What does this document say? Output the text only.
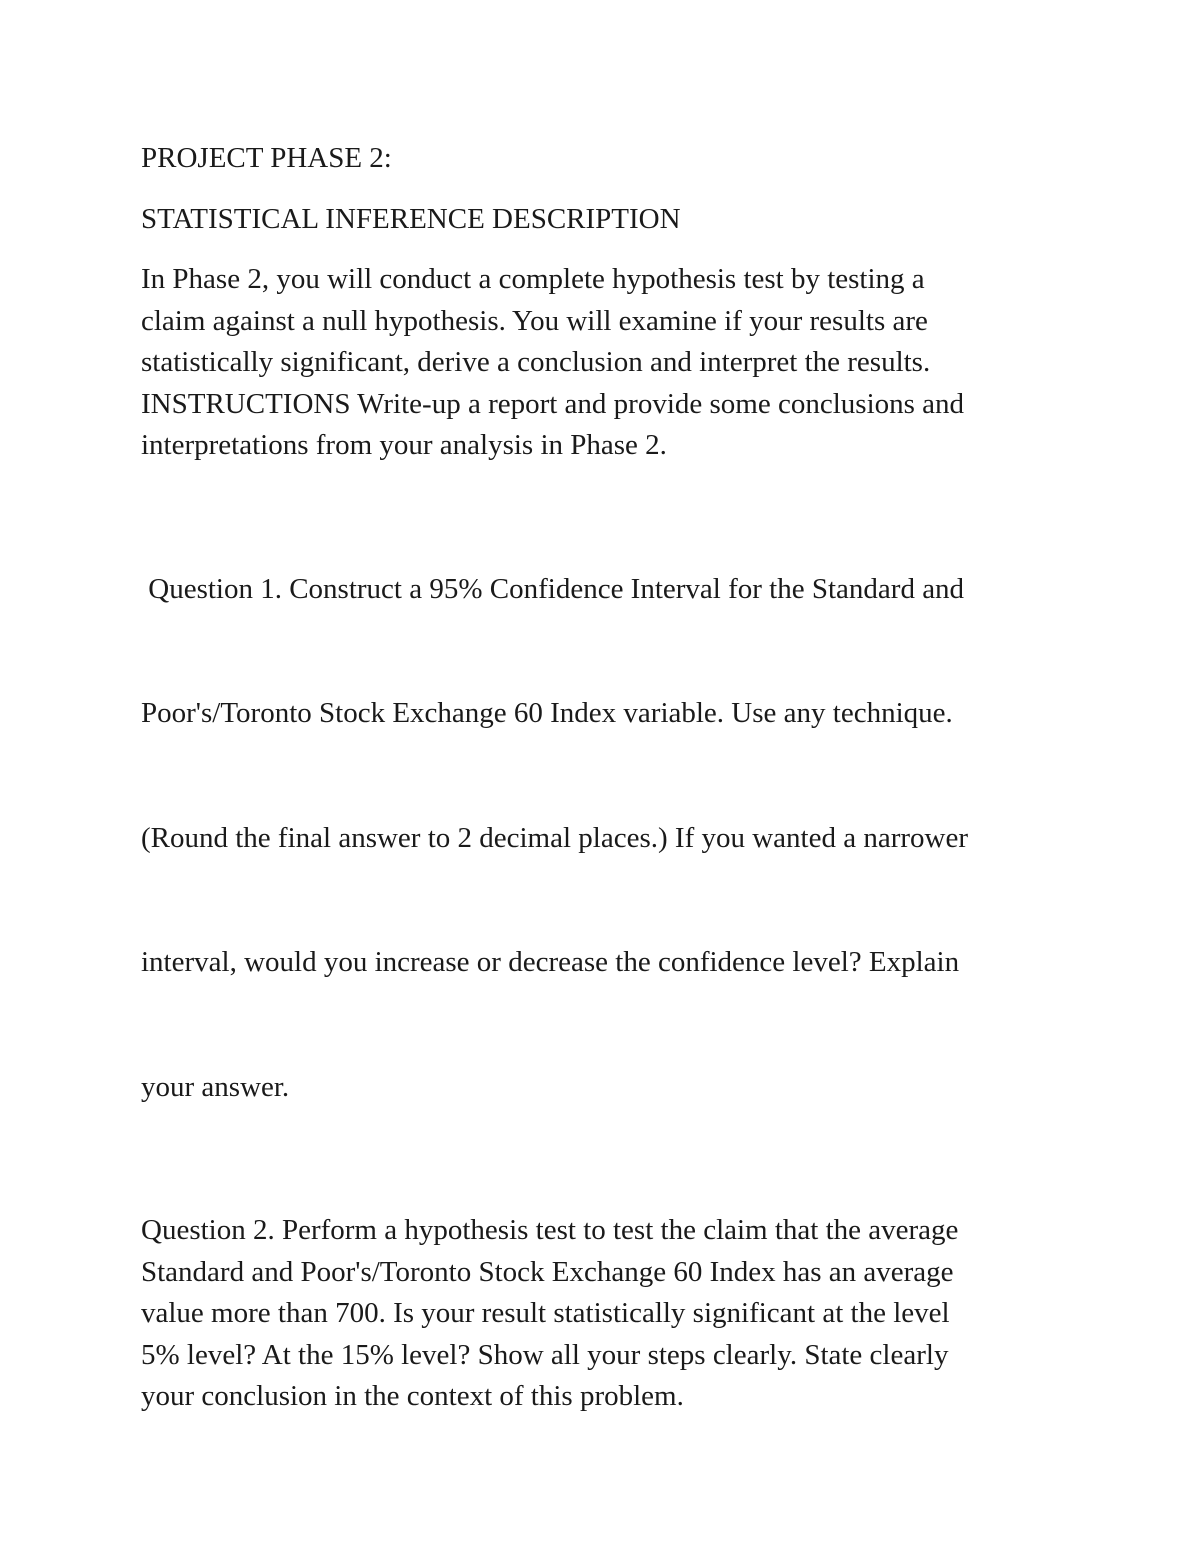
PROJECT PHASE 2:

STATISTICAL INFERENCE DESCRIPTION

In Phase 2, you will conduct a complete hypothesis test by testing a
claim against a null hypothesis. You will examine if your results are
statistically significant, derive a conclusion and interpret the results.
INSTRUCTIONS Write-up a report and provide some conclusions and
interpretations from your analysis in Phase 2.

Question 1. Construct a 95% Confidence Interval for the Standard and

Poor's/Toronto Stock Exchange 60 Index variable. Use any technique.

(Round the final answer to 2 decimal places.) If you wanted a narrower

interval, would you increase or decrease the confidence level? Explain

your answer.

Question 2. Perform a hypothesis test to test the claim that the average
Standard and Poor's/Toronto Stock Exchange 60 Index has an average
value more than 700. Is your result statistically significant at the level
5% level? At the 15% level? Show all your steps clearly. State clearly
your conclusion in the context of this problem.
